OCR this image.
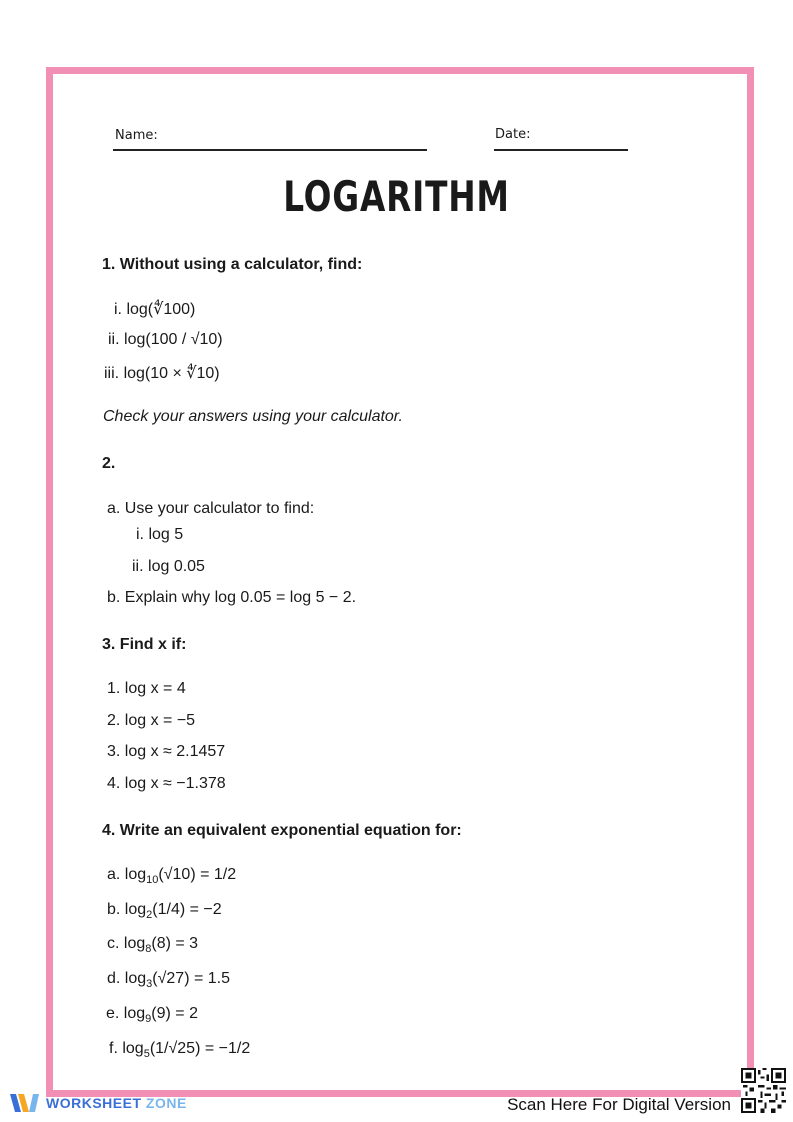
Name:	Date:
LOGARITHM
1. Without using a calculator, find:
i. log(∜100)
ii. log(100 / √10)
iii. log(10 × ∜10)
Check your answers using your calculator.
2.
a. Use your calculator to find:
i. log 5
ii. log 0.05
b. Explain why log 0.05 = log 5 − 2.
3. Find x if:
1. log x = 4
2. log x = −5
3. log x ≈ 2.1457
4. log x ≈ −1.378
4. Write an equivalent exponential equation for:
a. $\log_{10}(√10) = 1/2$
b. $\log_2(1/4) = -2$
c. $\log_8(8) = 3$
d. $\log_3(√27) = 1.5$
e. $\log_9(9) = 2$
f. $\log_5(1/√25) = -1/2$
WORKSHEET ZONE	Scan Here For Digital Version
